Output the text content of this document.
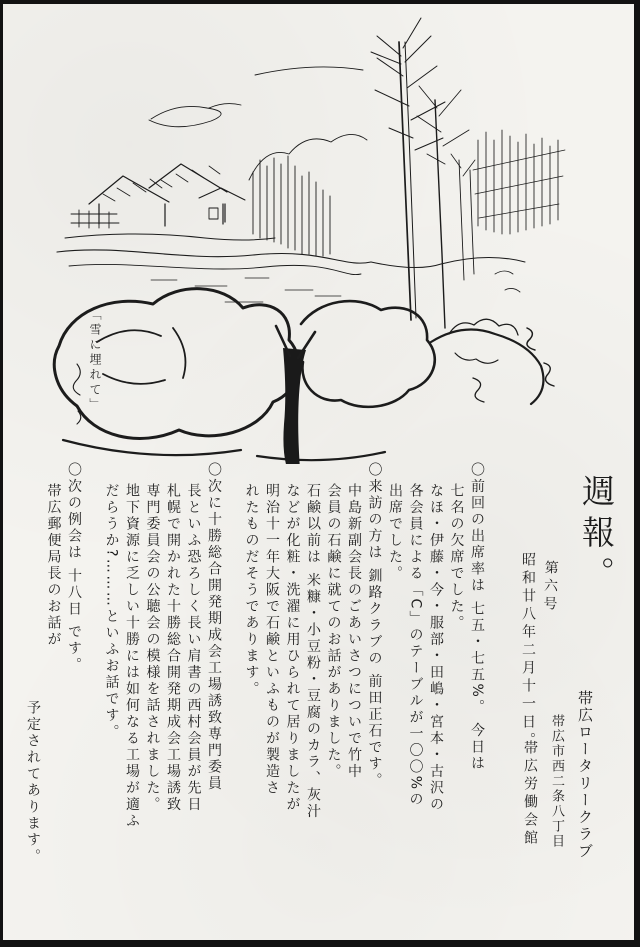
「雪に埋れて」
週報。
第六号
昭和廿八年二月十一日。
帯広ロータリークラブ
帯広市西二条八丁目
帯広労働会館
〇前回の出席率は 七五・七五%。 今日は
七名の欠席でした。
なほ・伊藤・今・服部・田嶋・宮本・古沢の
各会員による「C」のテーブルが一〇〇%の
出席でした。
〇来訪の方は 釧路クラブの 前田正石です。
中島新副会長のごあいさつについで竹中
会員の石鹸に就てのお話がありました。
石鹸以前は 米糠・小豆粉・豆腐のカラ、灰汁
などが化粧・洗濯に用ひられて居りましたが
明治十一年大阪で石鹸といふものが製造さ
れたものだそうであります。
〇次に十勝総合開発期成会工場誘致専門委員
長といふ恐ろしく長い肩書の西村会員が先日
札幌で開かれた十勝総合開発期成会工場誘致
専門委員会の公聴会の模様を話されました。
地下資源に乏しい十勝には如何なる工場が適ふ
だらうか?………といふお話です。
〇次の例会は 十八日 です。
帯広郵便局長のお話が
予定されてあります。
